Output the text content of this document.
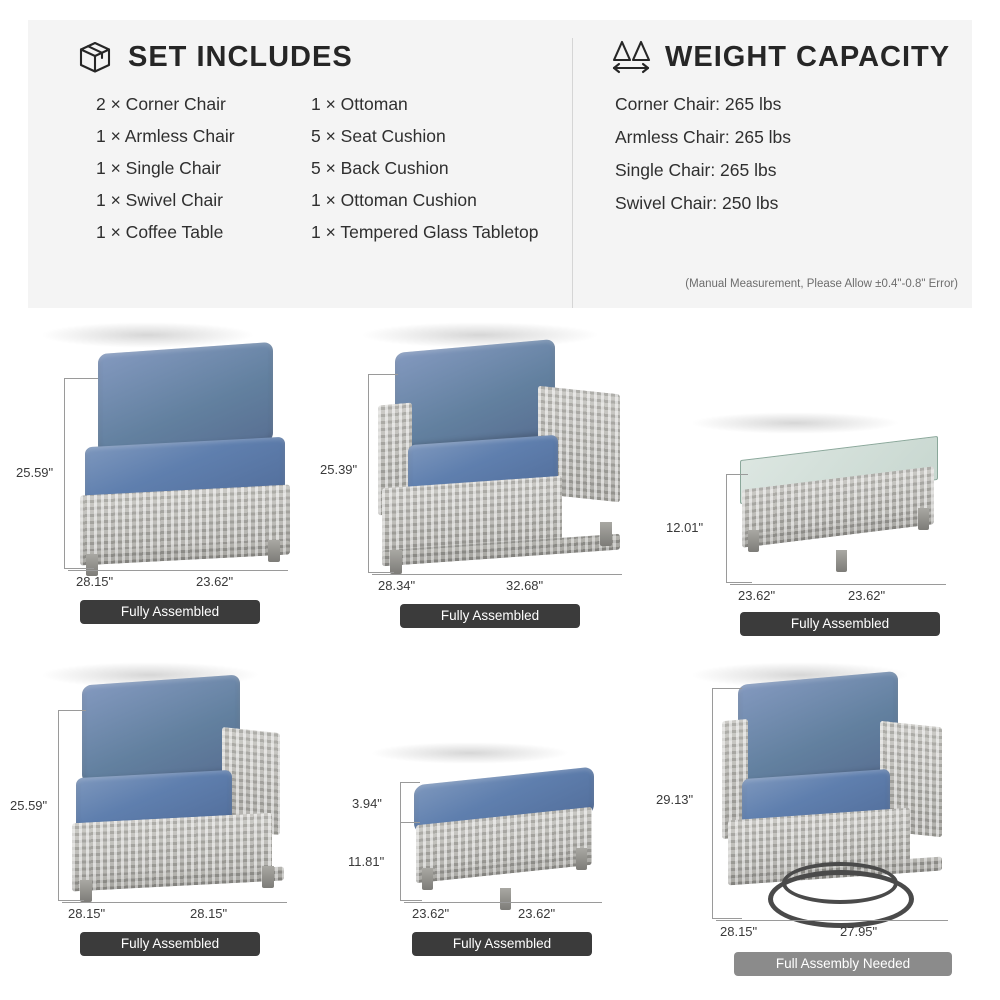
SET INCLUDES
2 × Corner Chair
1 × Armless Chair
1 × Single Chair
1 × Swivel Chair
1 × Coffee Table
1 × Ottoman
5 × Seat Cushion
5 × Back Cushion
1 × Ottoman Cushion
1 × Tempered Glass Tabletop
WEIGHT CAPACITY
Corner Chair: 265 lbs
Armless Chair: 265 lbs
Single Chair: 265 lbs
Swivel Chair: 250 lbs
(Manual Measurement, Please Allow ±0.4"-0.8" Error)
25.59"
28.15"	23.62"
Fully Assembled
25.39"
28.34"	32.68"
Fully Assembled
12.01"
23.62"	23.62"
Fully Assembled
25.59"
28.15"	28.15"
Fully Assembled
3.94"
11.81"
23.62"	23.62"
Fully Assembled
29.13"
28.15"	27.95"
Full Assembly Needed
